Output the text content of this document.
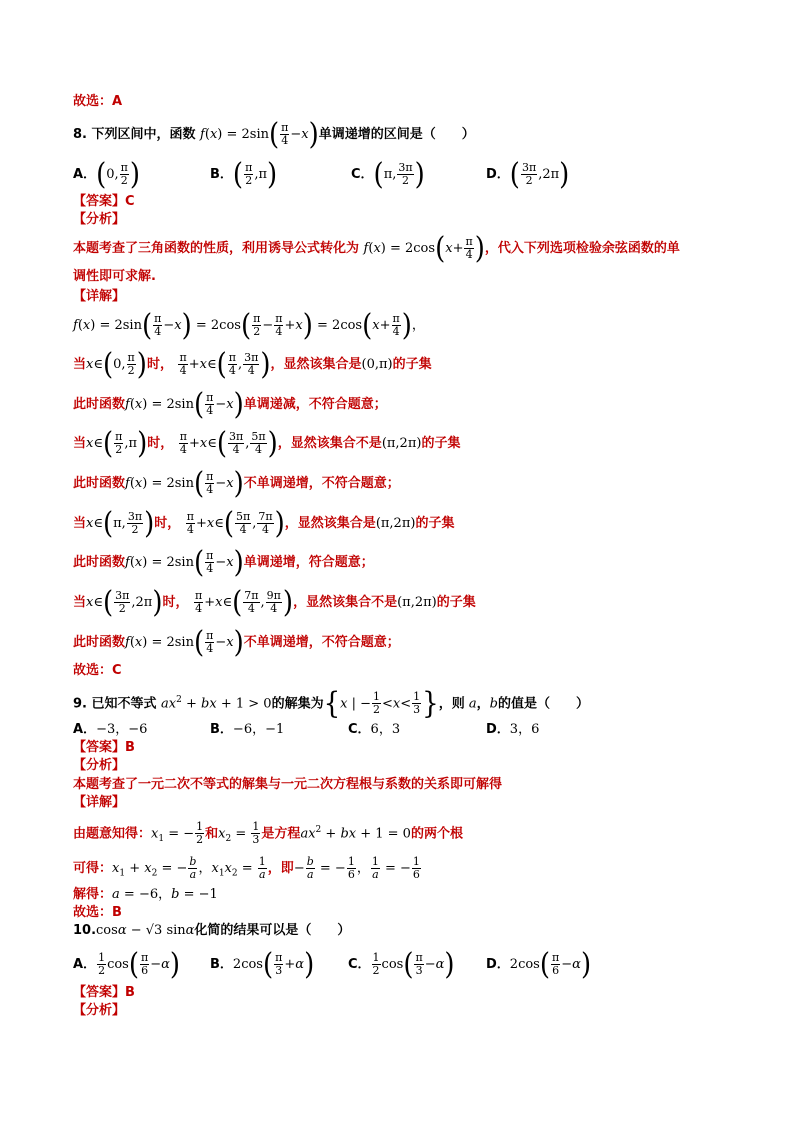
故选：A
8. 下列区间中，函数 $f(x) = 2\sin( \frac{\pi}{4} -x)$单调递增的区间是（　　）
A．(0, $\frac{\pi}{2}$ )	B．( $\frac{\pi}{2} ,\pi$)	C．(π, $\frac{3\pi}{2}$ )	D．( $\frac{3\pi}{2} ,2\pi$)
【答案】C
【分析】
本题考查了三角函数的性质，利用诱导公式转化为 $f(x) = 2\cos(x+ \frac{\pi}{4}$ )，代入下列选项检验余弦函数的单
调性即可求解.
【详解】
$f(x) = 2\sin( \frac{\pi}{4} -x) = 2\cos( \frac{\pi}{2} - \frac{\pi}{4} +x) = 2\cos(x+ \frac{\pi}{4}$ )，
当x∈(0, $\frac{\pi}{2}$ )时， $\frac{\pi}{4}$ +x∈( $\frac{\pi}{4}$ , $\frac{3\pi}{4}$ )，显然该集合是(0,π)的子集
此时函数$f(x) = 2\sin( \frac{\pi}{4} -x)$单调递减，不符合题意；
当x∈( $\frac{\pi}{2} ,\pi$)时， $\frac{\pi}{4}$ +x∈( $\frac{3\pi}{4}$ , $\frac{5\pi}{4}$ )，显然该集合不是(π,2π)的子集
此时函数$f(x) = 2\sin( \frac{\pi}{4} -x)$不单调递增，不符合题意；
当x∈(π, $\frac{3\pi}{2}$ )时， $\frac{\pi}{4}$ +x∈( $\frac{5\pi}{4}$ , $\frac{7\pi}{4}$ )，显然该集合是(π,2π)的子集
此时函数$f(x) = 2\sin( \frac{\pi}{4} -x)$单调递增，符合题意；
当x∈( $\frac{3\pi}{2} ,2\pi$)时， $\frac{\pi}{4}$ +x∈( $\frac{7\pi}{4}$ , $\frac{9\pi}{4}$ )，显然该集合不是(π,2π)的子集
此时函数$f(x) = 2\sin( \frac{\pi}{4} -x)$不单调递增，不符合题意；
故选：C
9. 已知不等式 $ax^2$ + bx + 1 > 0的解集为{x | − $\frac{1}{2} <x< \frac{1}{3}$ }，则 a，b的值是（　　）
A．−3，−6	B．−6，−1	C．6，3	D．3，6
【答案】B
【分析】
本题考查了一元二次不等式的解集与一元二次方程根与系数的关系即可解得
【详解】
由题意知得：$x_1$ = − $\frac{1}{2}$ 和$x_2 = \frac{1}{3}$ 是方程$ax^2$ + bx + 1 = 0的两个根
可得：$x_1 + x_2$ = − $\frac{b}{a}$ ，$x_1x_2 = \frac{1}{a}$ ，即− $\frac{b}{a}$ = − $\frac{1}{6}$ ， $\frac{1}{a}$ = − $\frac{1}{6}$
解得：a = −6，b = −1
故选：B
10.cosα − √3 sinα化简的结果可以是（　　）
A． $\frac{1}{2} \cos( \frac{\pi}{6} -\alpha)$ B．$2\cos( \frac{\pi}{3} +\alpha)$	C． $\frac{1}{2} \cos( \frac{\pi}{3} -\alpha)$ D．$2\cos( \frac{\pi}{6} -\alpha)$
【答案】B
【分析】
